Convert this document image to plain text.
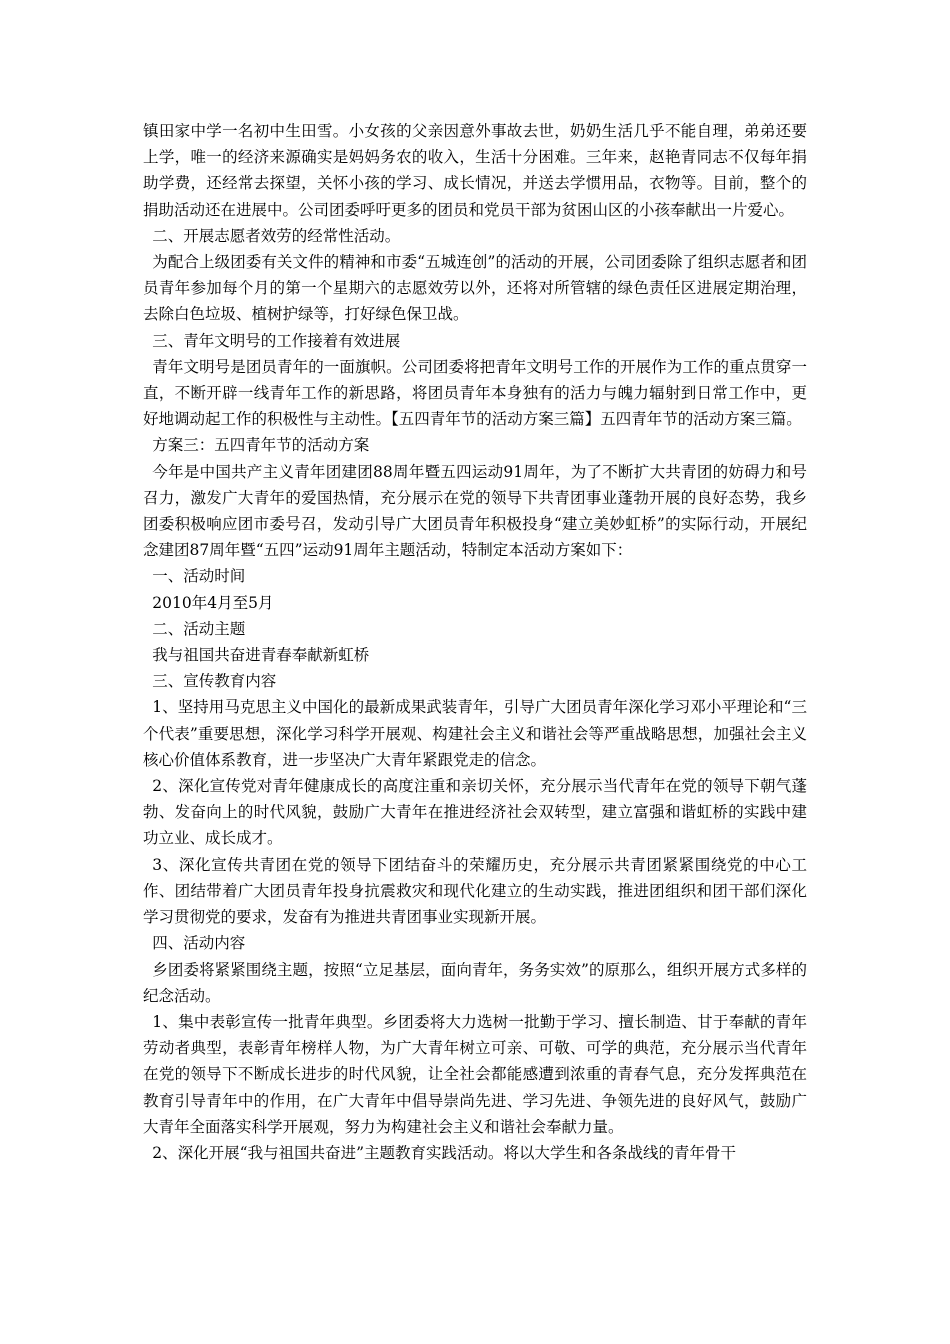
镇田家中学一名初中生田雪。小女孩的父亲因意外事故去世，奶奶生活几乎不能自理，弟弟还要上学，唯一的经济来源确实是妈妈务农的收入，生活十分困难。三年来，赵艳青同志不仅每年捐助学费，还经常去探望，关怀小孩的学习、成长情况，并送去学惯用品，衣物等。目前，整个的捐助活动还在进展中。公司团委呼吁更多的团员和党员干部为贫困山区的小孩奉献出一片爱心。

二、开展志愿者效劳的经常性活动。

为配合上级团委有关文件的精神和市委“五城连创”的活动的开展，公司团委除了组织志愿者和团员青年参加每个月的第一个星期六的志愿效劳以外，还将对所管辖的绿色责任区进展定期治理，去除白色垃圾、植树护绿等，打好绿色保卫战。

三、青年文明号的工作接着有效进展

青年文明号是团员青年的一面旗帜。公司团委将把青年文明号工作的开展作为工作的重点贯穿一直，不断开辟一线青年工作的新思路，将团员青年本身独有的活力与魄力辐射到日常工作中，更好地调动起工作的积极性与主动性。【五四青年节的活动方案三篇】五四青年节的活动方案三篇。

方案三：五四青年节的活动方案

今年是中国共产主义青年团建团88周年暨五四运动91周年，为了不断扩大共青团的妨碍力和号召力，激发广大青年的爱国热情，充分展示在党的领导下共青团事业蓬勃开展的良好态势，我乡团委积极响应团市委号召，发动引导广大团员青年积极投身“建立美妙虹桥”的实际行动，开展纪念建团87周年暨“五四”运动91周年主题活动，特制定本活动方案如下：

一、活动时间

2010年4月至5月

二、活动主题

我与祖国共奋进青春奉献新虹桥

三、宣传教育内容

1、坚持用马克思主义中国化的最新成果武装青年，引导广大团员青年深化学习邓小平理论和“三个代表”重要思想，深化学习科学开展观、构建社会主义和谐社会等严重战略思想，加强社会主义核心价值体系教育，进一步坚决广大青年紧跟党走的信念。

2、深化宣传党对青年健康成长的高度注重和亲切关怀，充分展示当代青年在党的领导下朝气蓬勃、发奋向上的时代风貌，鼓励广大青年在推进经济社会双转型，建立富强和谐虹桥的实践中建功立业、成长成才。

3、深化宣传共青团在党的领导下团结奋斗的荣耀历史，充分展示共青团紧紧围绕党的中心工作、团结带着广大团员青年投身抗震救灾和现代化建立的生动实践，推进团组织和团干部们深化学习贯彻党的要求，发奋有为推进共青团事业实现新开展。

四、活动内容

乡团委将紧紧围绕主题，按照“立足基层，面向青年，务务实效”的原那么，组织开展方式多样的纪念活动。

1、集中表彰宣传一批青年典型。乡团委将大力选树一批勤于学习、擅长制造、甘于奉献的青年劳动者典型，表彰青年榜样人物，为广大青年树立可亲、可敬、可学的典范，充分展示当代青年在党的领导下不断成长进步的时代风貌，让全社会都能感遭到浓重的青春气息，充分发挥典范在教育引导青年中的作用，在广大青年中倡导崇尚先进、学习先进、争领先进的良好风气，鼓励广大青年全面落实科学开展观，努力为构建社会主义和谐社会奉献力量。

2、深化开展“我与祖国共奋进”主题教育实践活动。将以大学生和各条战线的青年骨干
